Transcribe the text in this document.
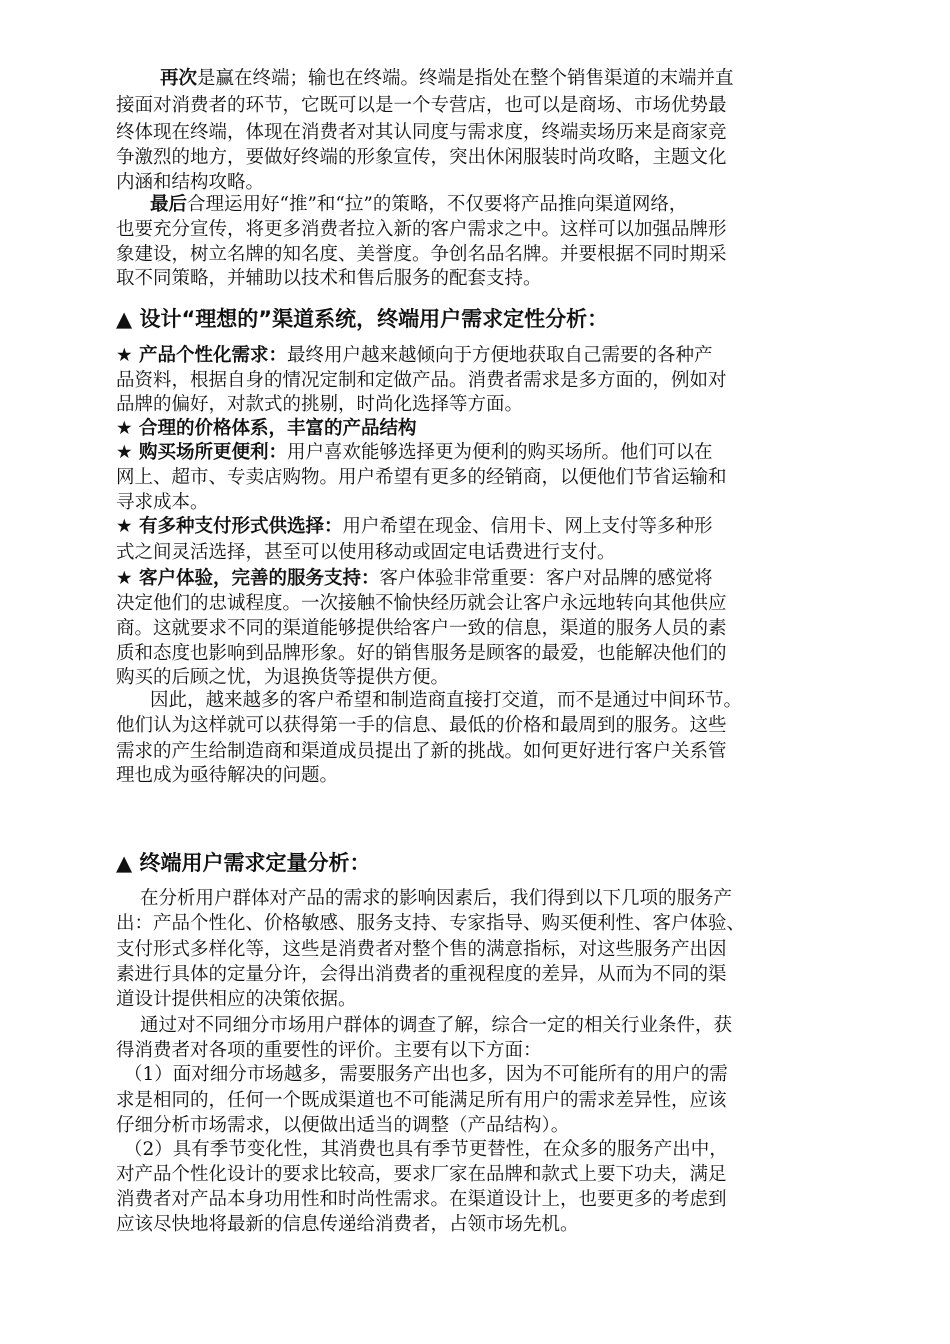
再次是赢在终端；输也在终端。终端是指处在整个销售渠道的末端并直
接面对消费者的环节，它既可以是一个专营店，也可以是商场、市场优势最
终体现在终端，体现在消费者对其认同度与需求度，终端卖场历来是商家竞
争激烈的地方，要做好终端的形象宣传，突出休闲服装时尚攻略，主题文化
内涵和结构攻略。
最后合理运用好“推”和“拉”的策略，不仅要将产品推向渠道网络，
也要充分宣传，将更多消费者拉入新的客户需求之中。这样可以加强品牌形
象建设，树立名牌的知名度、美誉度。争创名品名牌。并要根据不同时期采
取不同策略，并辅助以技术和售后服务的配套支持。
▲ 设计“理想的”渠道系统，终端用户需求定性分析：
★ 产品个性化需求：最终用户越来越倾向于方便地获取自己需要的各种产
品资料，根据自身的情况定制和定做产品。消费者需求是多方面的，例如对
品牌的偏好，对款式的挑剔，时尚化选择等方面。
★ 合理的价格体系，丰富的产品结构
★ 购买场所更便利：用户喜欢能够选择更为便利的购买场所。他们可以在
网上、超市、专卖店购物。用户希望有更多的经销商，以便他们节省运输和
寻求成本。
★ 有多种支付形式供选择：用户希望在现金、信用卡、网上支付等多种形
式之间灵活选择，甚至可以使用移动或固定电话费进行支付。
★ 客户体验，完善的服务支持：客户体验非常重要：客户对品牌的感觉将
决定他们的忠诚程度。一次接触不愉快经历就会让客户永远地转向其他供应
商。这就要求不同的渠道能够提供给客户一致的信息，渠道的服务人员的素
质和态度也影响到品牌形象。好的销售服务是顾客的最爱，也能解决他们的
购买的后顾之忧，为退换货等提供方便。
因此，越来越多的客户希望和制造商直接打交道，而不是通过中间环节。
他们认为这样就可以获得第一手的信息、最低的价格和最周到的服务。这些
需求的产生给制造商和渠道成员提出了新的挑战。如何更好进行客户关系管
理也成为亟待解决的问题。
▲ 终端用户需求定量分析：
在分析用户群体对产品的需求的影响因素后，我们得到以下几项的服务产
出：产品个性化、价格敏感、服务支持、专家指导、购买便利性、客户体验、
支付形式多样化等，这些是消费者对整个售的满意指标，对这些服务产出因
素进行具体的定量分许，会得出消费者的重视程度的差异，从而为不同的渠
道设计提供相应的决策依据。
通过对不同细分市场用户群体的调查了解，综合一定的相关行业条件，获
得消费者对各项的重要性的评价。主要有以下方面：
（1）面对细分市场越多，需要服务产出也多，因为不可能所有的用户的需
求是相同的，任何一个既成渠道也不可能满足所有用户的需求差异性，应该
仔细分析市场需求，以便做出适当的调整（产品结构）。
（2）具有季节变化性，其消费也具有季节更替性，在众多的服务产出中，
对产品个性化设计的要求比较高，要求厂家在品牌和款式上要下功夫，满足
消费者对产品本身功用性和时尚性需求。在渠道设计上，也要更多的考虑到
应该尽快地将最新的信息传递给消费者，占领市场先机。
